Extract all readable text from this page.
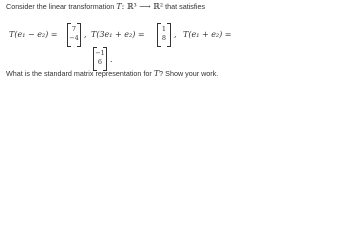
Consider the linear transformation T: ℝ³ ⟶ ℝ² that satisfies
T(e₁ − e₂) =
7
−4 , T(3e₁ + e₂) =
1
8 , T(e₁ + e₂) =
−1
6 .
What is the standard matrix representation for T? Show your work.
